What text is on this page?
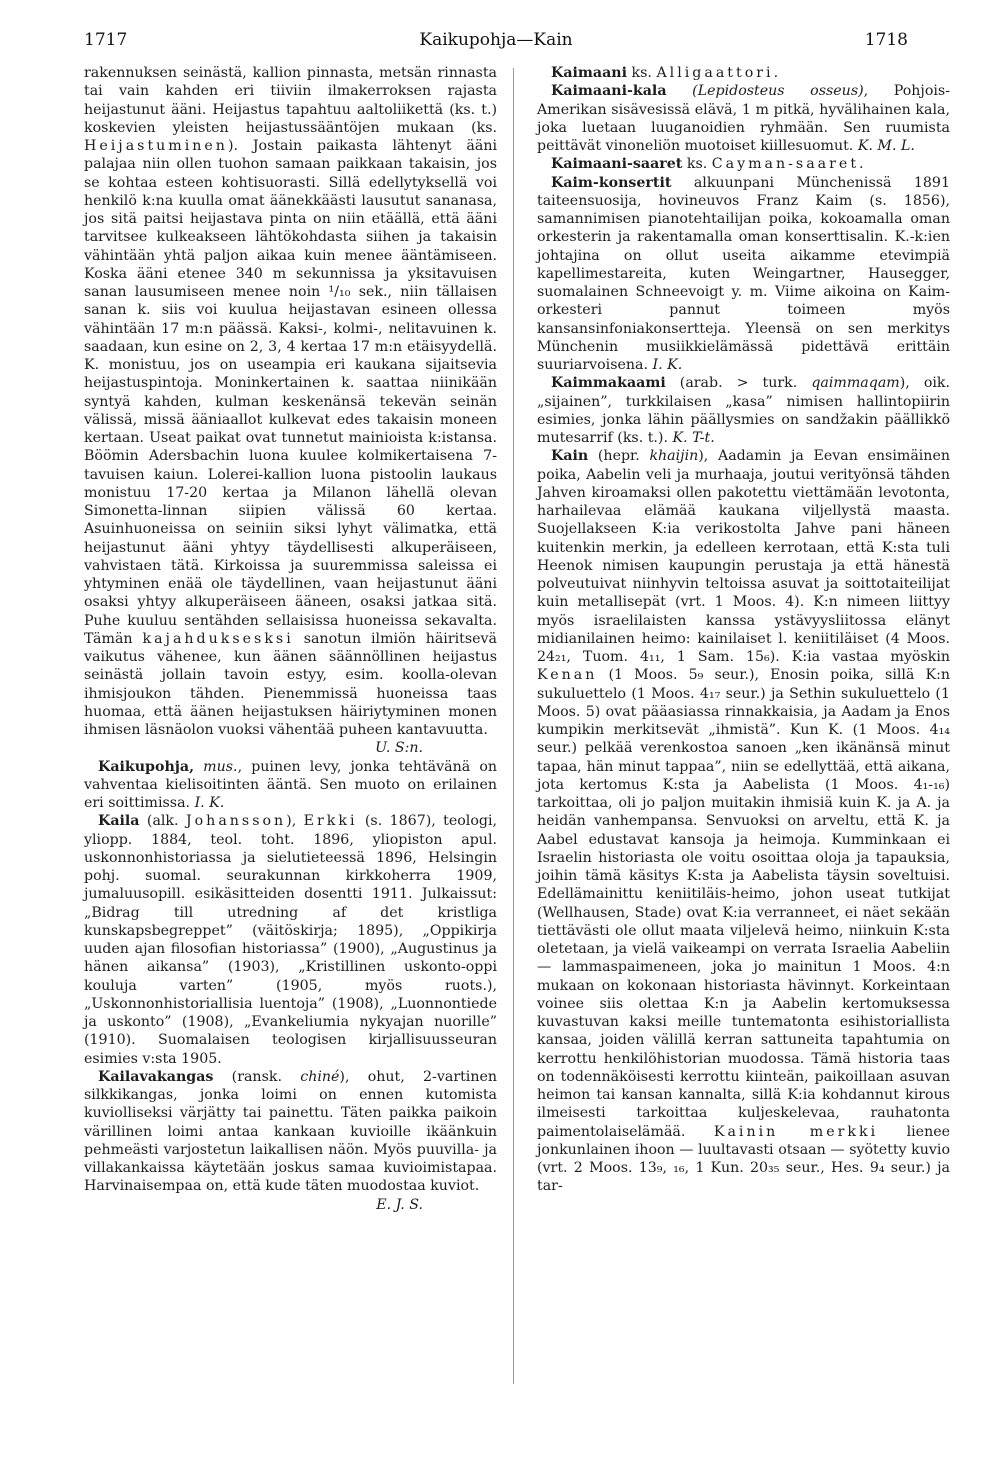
1717	Kaikupohja—Kain	1718

rakennuksen seinästä, kallion pinnasta, metsän rinnasta tai vain kahden eri tiiviin ilmakerroksen rajasta heijastunut ääni. Heijastus tapahtuu aaltoliikettä (ks. t.) koskevien yleisten heijastussääntöjen mukaan (ks. Heijastuminen). Jostain paikasta lähtenyt ääni palajaa niin ollen tuohon samaan paikkaan takaisin, jos se kohtaa esteen kohtisuorasti. Sillä edellytyksellä voi henkilö k:na kuulla omat äänekkäästi lausutut sananasa, jos sitä paitsi heijastava pinta on niin etäällä, että ääni tarvitsee kulkeakseen lähtökohdasta siihen ja takaisin vähintään yhtä paljon aikaa kuin menee ääntämiseen. Koska ääni etenee 340 m sekunnissa ja yksitavuisen sanan lausumiseen menee noin ¹/₁₀ sek., niin tällaisen sanan k. siis voi kuulua heijastavan esineen ollessa vähintään 17 m:n päässä. Kaksi-, kolmi-, nelitavuinen k. saadaan, kun esine on 2, 3, 4 kertaa 17 m:n etäisyydellä. K. monistuu, jos on useampia eri kaukana sijaitsevia heijastuspintoja. Moninkertainen k. saattaa niinikään syntyä kahden, kulman keskenänsä tekevän seinän välissä, missä ääniaallot kulkevat edes takaisin moneen kertaan. Useat paikat ovat tunnetut mainioista k:istansa. Böömin Adersbachin luona kuulee kolmikertaisena 7-tavuisen kaiun. Lolerei-kallion luona pistoolin laukaus monistuu 17-20 kertaa ja Milanon lähellä olevan Simonetta-linnan siipien välissä 60 kertaa. Asuinhuoneissa on seiniin siksi lyhyt välimatka, että heijastunut ääni yhtyy täydellisesti alkuperäiseen, vahvistaen tätä. Kirkoissa ja suuremmissa saleissa ei yhtyminen enää ole täydellinen, vaan heijastunut ääni osaksi yhtyy alkuperäiseen ääneen, osaksi jatkaa sitä. Puhe kuuluu sentähden sellaisissa huoneissa sekavalta. Tämän kajahduksesksi sanotun ilmiön häiritsevä vaikutus vähenee, kun äänen säännöllinen heijastus seinästä jollain tavoin estyy, esim. koolla-olevan ihmisjoukon tähden. Pienemmissä huoneissa taas huomaa, että äänen heijastuksen häiriytyminen monen ihmisen läsnäolon vuoksi vähentää puheen kantavuutta.

U. S:n.

Kaikupohja, mus., puinen levy, jonka tehtävänä on vahventaa kielisoitinten ääntä. Sen muoto on erilainen eri soittimissa. I. K.

Kaila (alk. Johansson), Erkki (s. 1867), teologi, yliopp. 1884, teol. toht. 1896, yliopiston apul. uskonnonhistoriassa ja sielutieteessä 1896, Helsingin pohj. suomal. seurakunnan kirkkoherra 1909, jumaluusopill. esikäsitteiden dosentti 1911. Julkaissut: „Bidrag till utredning af det kristliga kunskapsbegreppet” (väitöskirja; 1895), „Oppikirja uuden ajan filosofian historiassa” (1900), „Augustinus ja hänen aikansa” (1903), „Kristillinen uskonto-oppi kouluja varten” (1905, myös ruots.), „Uskonnonhistoriallisia luentoja” (1908), „Luonnontiede ja uskonto” (1908), „Evankeliumia nykyajan nuorille” (1910). Suomalaisen teologisen kirjallisuusseuran esimies v:sta 1905.

Kailavakangas (ransk. chiné), ohut, 2-vartinen silkkikangas, jonka loimi on ennen kutomista kuviolliseksi värjätty tai painettu. Täten paikka paikoin värillinen loimi antaa kankaan kuvioille ikäänkuin pehmeästi varjostetun laikallisen näön. Myös puuvilla- ja villakankaissa käytetään joskus samaa kuvioimistapaa. Harvinaisempaa on, että kude täten muodostaa kuviot.

E. J. S.

Kaimaani ks. Alligaattori.

Kaimaani-kala (Lepidosteus osseus), Pohjois-Amerikan sisävesissä elävä, 1 m pitkä, hyvälihainen kala, joka luetaan luuganoidien ryhmään. Sen ruumista peittävät vinoneliön muotoiset kiillesuomut. K. M. L.

Kaimaani-saaret ks. Cayman-saaret.

Kaim-konsertit alkuunpani Münchenissä 1891 taiteensuosija, hovineuvos Franz Kaim (s. 1856), samannimisen pianotehtailijan poika, kokoamalla oman orkesterin ja rakentamalla oman konserttisalin. K.-k:ien johtajina on ollut useita aikamme etevimpiä kapellimestareita, kuten Weingartner, Hausegger, suomalainen Schneevoigt y. m. Viime aikoina on Kaim-orkesteri pannut toimeen myös kansansinfoniakonsertteja. Yleensä on sen merkitys Münchenin musiikkielämässä pidettävä erittäin suuriarvoisena. I. K.

Kaimmakaami (arab. > turk. qaimmaqam), oik. „sijainen”, turkkilaisen „kasa” nimisen hallintopiirin esimies, jonka lähin päällysmies on sandžakin päällikkö mutesarrif (ks. t.). K. T-t.

Kain (hepr. khaijin), Aadamin ja Eevan ensimäinen poika, Aabelin veli ja murhaaja, joutui verityönsä tähden Jahven kiroamaksi ollen pakotettu viettämään levotonta, harhailevaa elämää kaukana viljellystä maasta. Suojellakseen K:ia verikostolta Jahve pani häneen kuitenkin merkin, ja edelleen kerrotaan, että K:sta tuli Heenok nimisen kaupungin perustaja ja että hänestä polveutuivat niinhyvin teltoissa asuvat ja soittotaiteilijat kuin metallisepät (vrt. 1 Moos. 4). K:n nimeen liittyy myös israelilaisten kanssa ystävyysliitossa elänyt midianilainen heimo: kainilaiset l. keniitiläiset (4 Moos. 24₂₁, Tuom. 4₁₁, 1 Sam. 15₆). K:ia vastaa myöskin Kenan (1 Moos. 5₉ seur.), Enosin poika, sillä K:n sukuluettelo (1 Moos. 4₁₇ seur.) ja Sethin sukuluettelo (1 Moos. 5) ovat pääasiassa rinnakkaisia, ja Aadam ja Enos kumpikin merkitsevät „ihmistä”. Kun K. (1 Moos. 4₁₄ seur.) pelkää verenkostoa sanoen „ken ikänänsä minut tapaa, hän minut tappaa”, niin se edellyttää, että aikana, jota kertomus K:sta ja Aabelista (1 Moos. 4₁-₁₆) tarkoittaa, oli jo paljon muitakin ihmisiä kuin K. ja A. ja heidän vanhempansa. Senvuoksi on arveltu, että K. ja Aabel edustavat kansoja ja heimoja. Kumminkaan ei Israelin historiasta ole voitu osoittaa oloja ja tapauksia, joihin tämä käsitys K:sta ja Aabelista täysin soveltuisi. Edellämainittu keniitiläis-heimo, johon useat tutkijat (Wellhausen, Stade) ovat K:ia verranneet, ei näet sekään tiettävästi ole ollut maata viljelevä heimo, niinkuin K:sta oletetaan, ja vielä vaikeampi on verrata Israelia Aabeliin — lammaspaimeneen, joka jo mainitun 1 Moos. 4:n mukaan on kokonaan historiasta hävinnyt. Korkeintaan voinee siis olettaa K:n ja Aabelin kertomuksessa kuvastuvan kaksi meille tuntematonta esihistoriallista kansaa, joiden välillä kerran sattuneita tapahtumia on kerrottu henkilöhistorian muodossa. Tämä historia taas on todennäköisesti kerrottu kiinteän, paikoillaan asuvan heimon tai kansan kannalta, sillä K:ia kohdannut kirous ilmeisesti tarkoittaa kuljeskelevaa, rauhatonta paimentolaiselämää. Kainin merkki lienee jonkunlainen ihoon — luultavasti otsaan — syötetty kuvio (vrt. 2 Moos. 13₉, ₁₆, 1 Kun. 20₃₅ seur., Hes. 9₄ seur.) ja tar-
